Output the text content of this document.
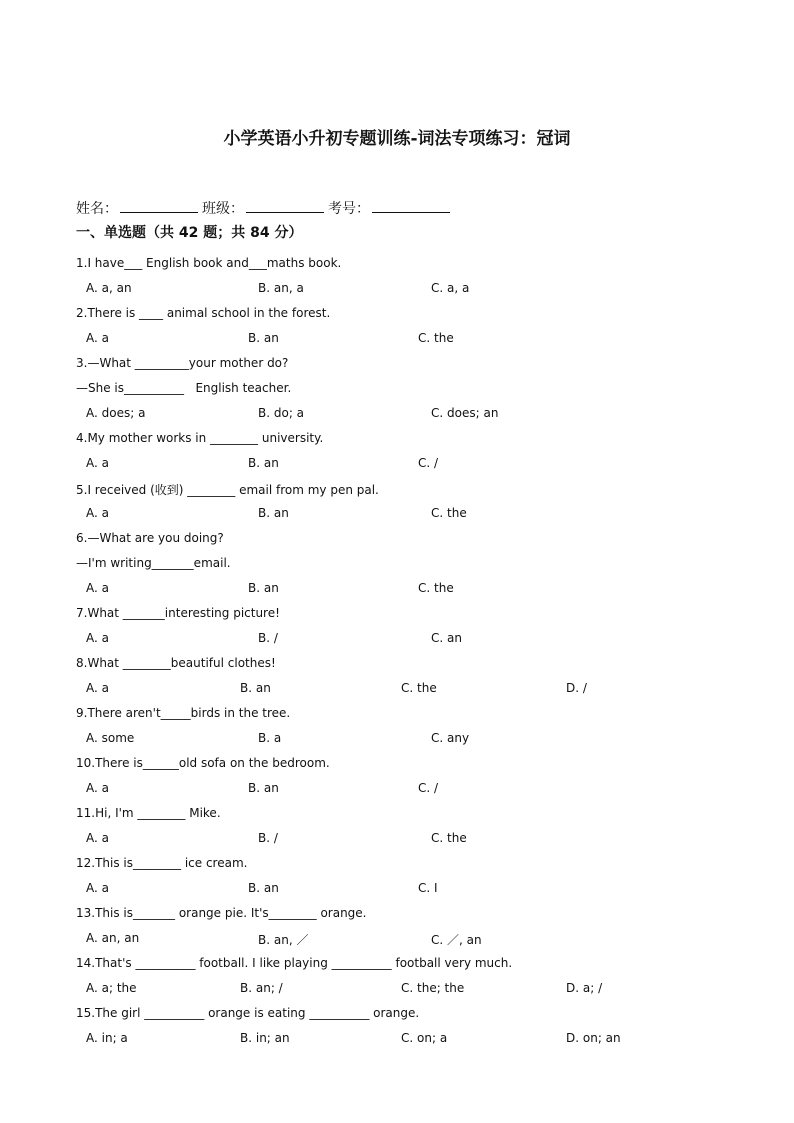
小学英语小升初专题训练-词法专项练习：冠词
姓名：	班级：	考号：
一、单选题（共 42 题；共 84 分）
1.I have___ English book and___maths book.
A. a, an	B. an, a	C. a, a
2.There is ____ animal school in the forest.
A. a	B. an	C. the
3.—What _________your mother do?
—She is__________   English teacher.
A. does; a	B. do; a	C. does; an
4.My mother works in ________ university.
A. a	B. an	C. /
5.I received (收到) ________ email from my pen pal.
A. a	B. an	C. the
6.—What are you doing?
—I'm writing_______email.
A. a	B. an	C. the
7.What _______interesting picture!
A. a	B. /	C. an
8.What ________beautiful clothes!
A. a	B. an	C. the	D. /
9.There aren't_____birds in the tree.
A. some	B. a	C. any
10.There is______old sofa on the bedroom.
A. a	B. an	C. /
11.Hi, I'm ________ Mike.
A. a	B. /	C. the
12.This is________ ice cream.
A. a	B. an	C. I
13.This is_______ orange pie. It's________ orange.
A. an, an	B. an, ／	C. ／, an
14.That's __________ football. I like playing __________ football very much.
A. a; the	B. an; /	C. the; the	D. a; /
15.The girl __________ orange is eating __________ orange.
A. in; a	B. in; an	C. on; a	D. on; an
